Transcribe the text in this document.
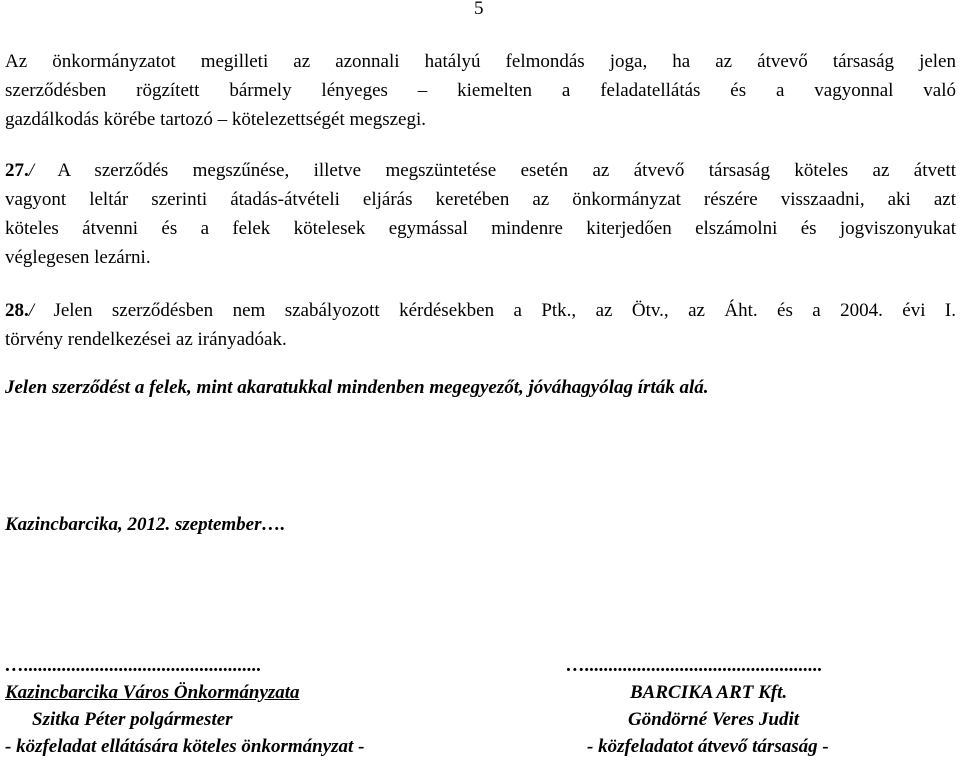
5
Az önkormányzatot megilleti az azonnali hatályú felmondás joga, ha az átvevő társaság jelen
szerződésben rögzített bármely lényeges – kiemelten a feladatellátás és a vagyonnal való
gazdálkodás körébe tartozó – kötelezettségét megszegi.
27./ A szerződés megszűnése, illetve megszüntetése esetén az átvevő társaság köteles az átvett
vagyont leltár szerinti átadás-átvételi eljárás keretében az önkormányzat részére visszaadni, aki azt
köteles átvenni és a felek kötelesek egymással mindenre kiterjedően elszámolni és jogviszonyukat
véglegesen lezárni.
28./ Jelen szerződésben nem szabályozott kérdésekben a Ptk., az Ötv., az Áht. és a 2004. évi I.
törvény rendelkezései az irányadóak.
Jelen szerződést a felek, mint akaratukkal mindenben megegyezőt, jóváhagyólag írták alá.
Kazincbarcika, 2012. szeptember….
…..................................................
Kazincbarcika Város Önkormányzata
Szitka Péter polgármester
- közfeladat ellátására köteles önkormányzat -
…..................................................
BARCIKA ART Kft.
Göndörné Veres Judit
- közfeladatot átvevő társaság -
